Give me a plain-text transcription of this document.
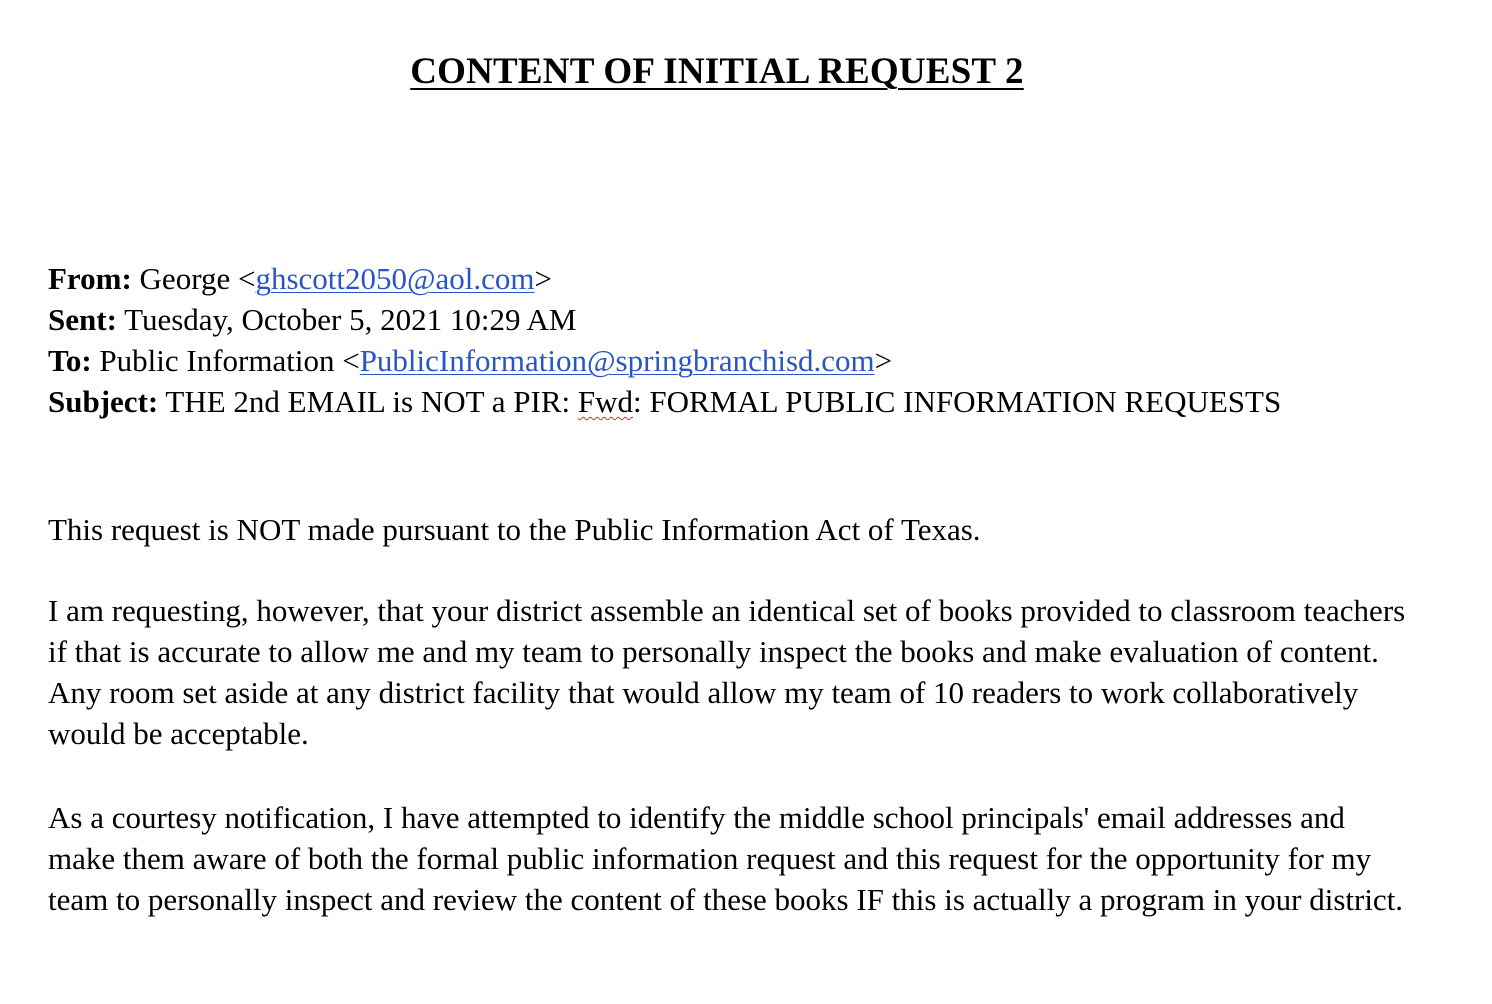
CONTENT OF INITIAL REQUEST 2
From: George <ghscott2050@aol.com>
Sent: Tuesday, October 5, 2021 10:29 AM
To: Public Information <PublicInformation@springbranchisd.com>
Subject: THE 2nd EMAIL is NOT a PIR: Fwd: FORMAL PUBLIC INFORMATION REQUESTS

This request is NOT made pursuant to the Public Information Act of Texas.

I am requesting, however, that your district assemble an identical set of books provided to classroom teachers if that is accurate to allow me and my team to personally inspect the books and make evaluation of content. Any room set aside at any district facility that would allow my team of 10 readers to work collaboratively would be acceptable.

As a courtesy notification, I have attempted to identify the middle school principals' email addresses and make them aware of both the formal public information request and this request for the opportunity for my team to personally inspect and review the content of these books IF this is actually a program in your district.
